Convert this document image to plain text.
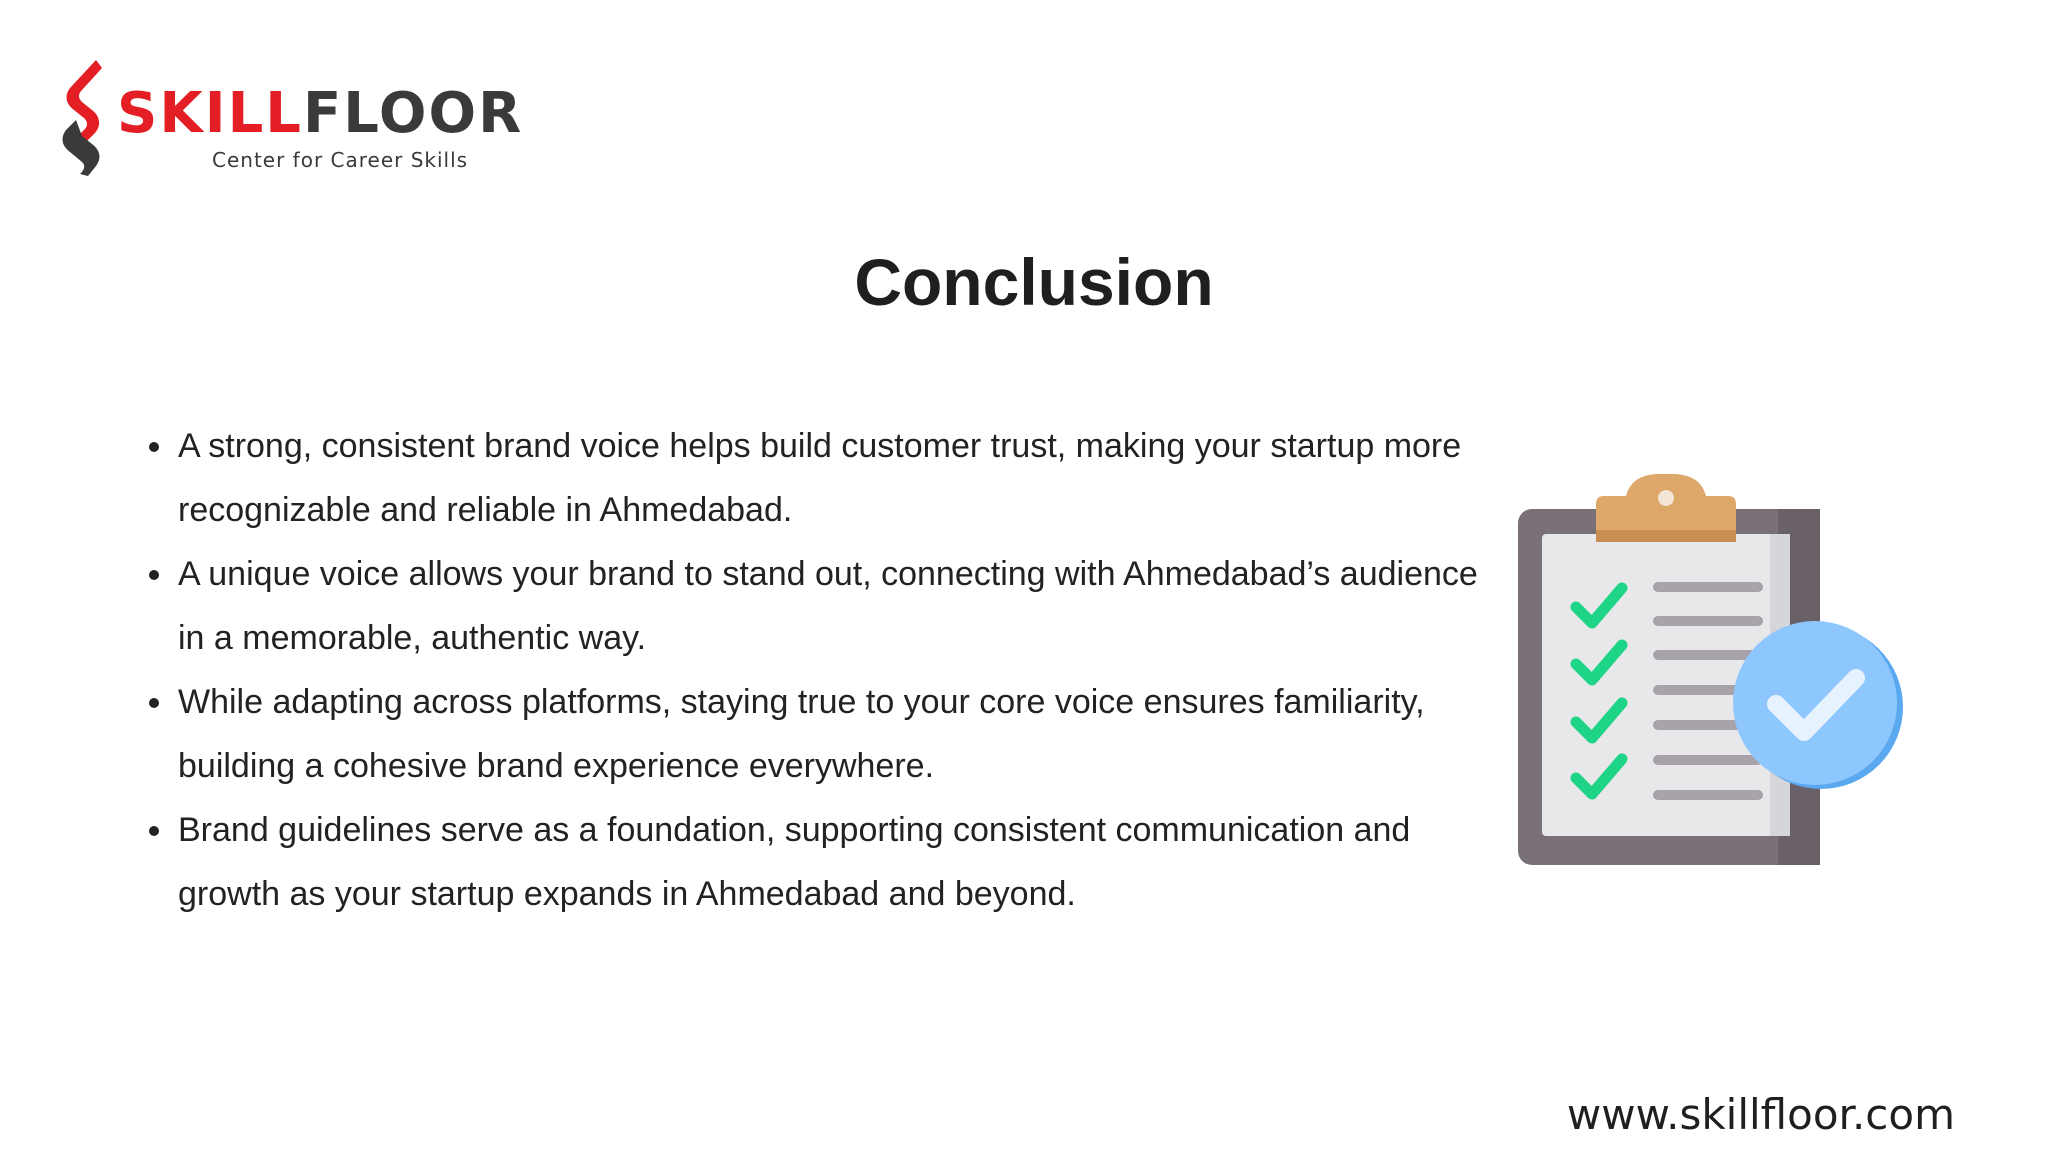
SKILLFLOOR
Center for Career Skills
Conclusion
A strong, consistent brand voice helps build customer trust, making your startup more recognizable and reliable in Ahmedabad.
A unique voice allows your brand to stand out, connecting with Ahmedabad’s audience in a memorable, authentic way.
While adapting across platforms, staying true to your core voice ensures familiarity, building a cohesive brand experience everywhere.
Brand guidelines serve as a foundation, supporting consistent communication and growth as your startup expands in Ahmedabad and beyond.
www.skillfloor.com
